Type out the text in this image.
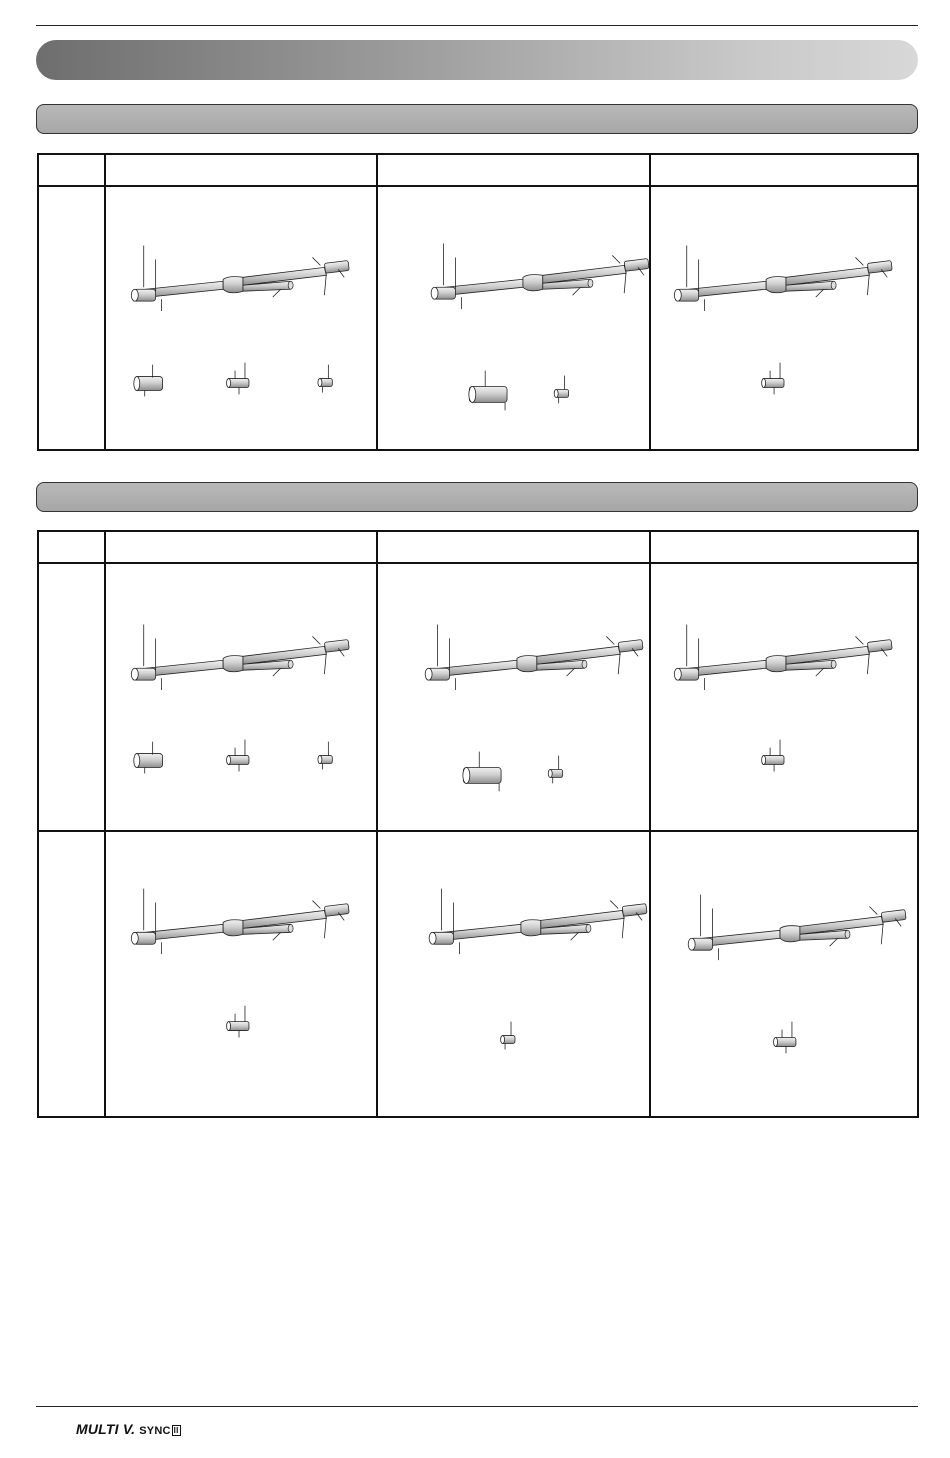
MULTI V. SYNC II
